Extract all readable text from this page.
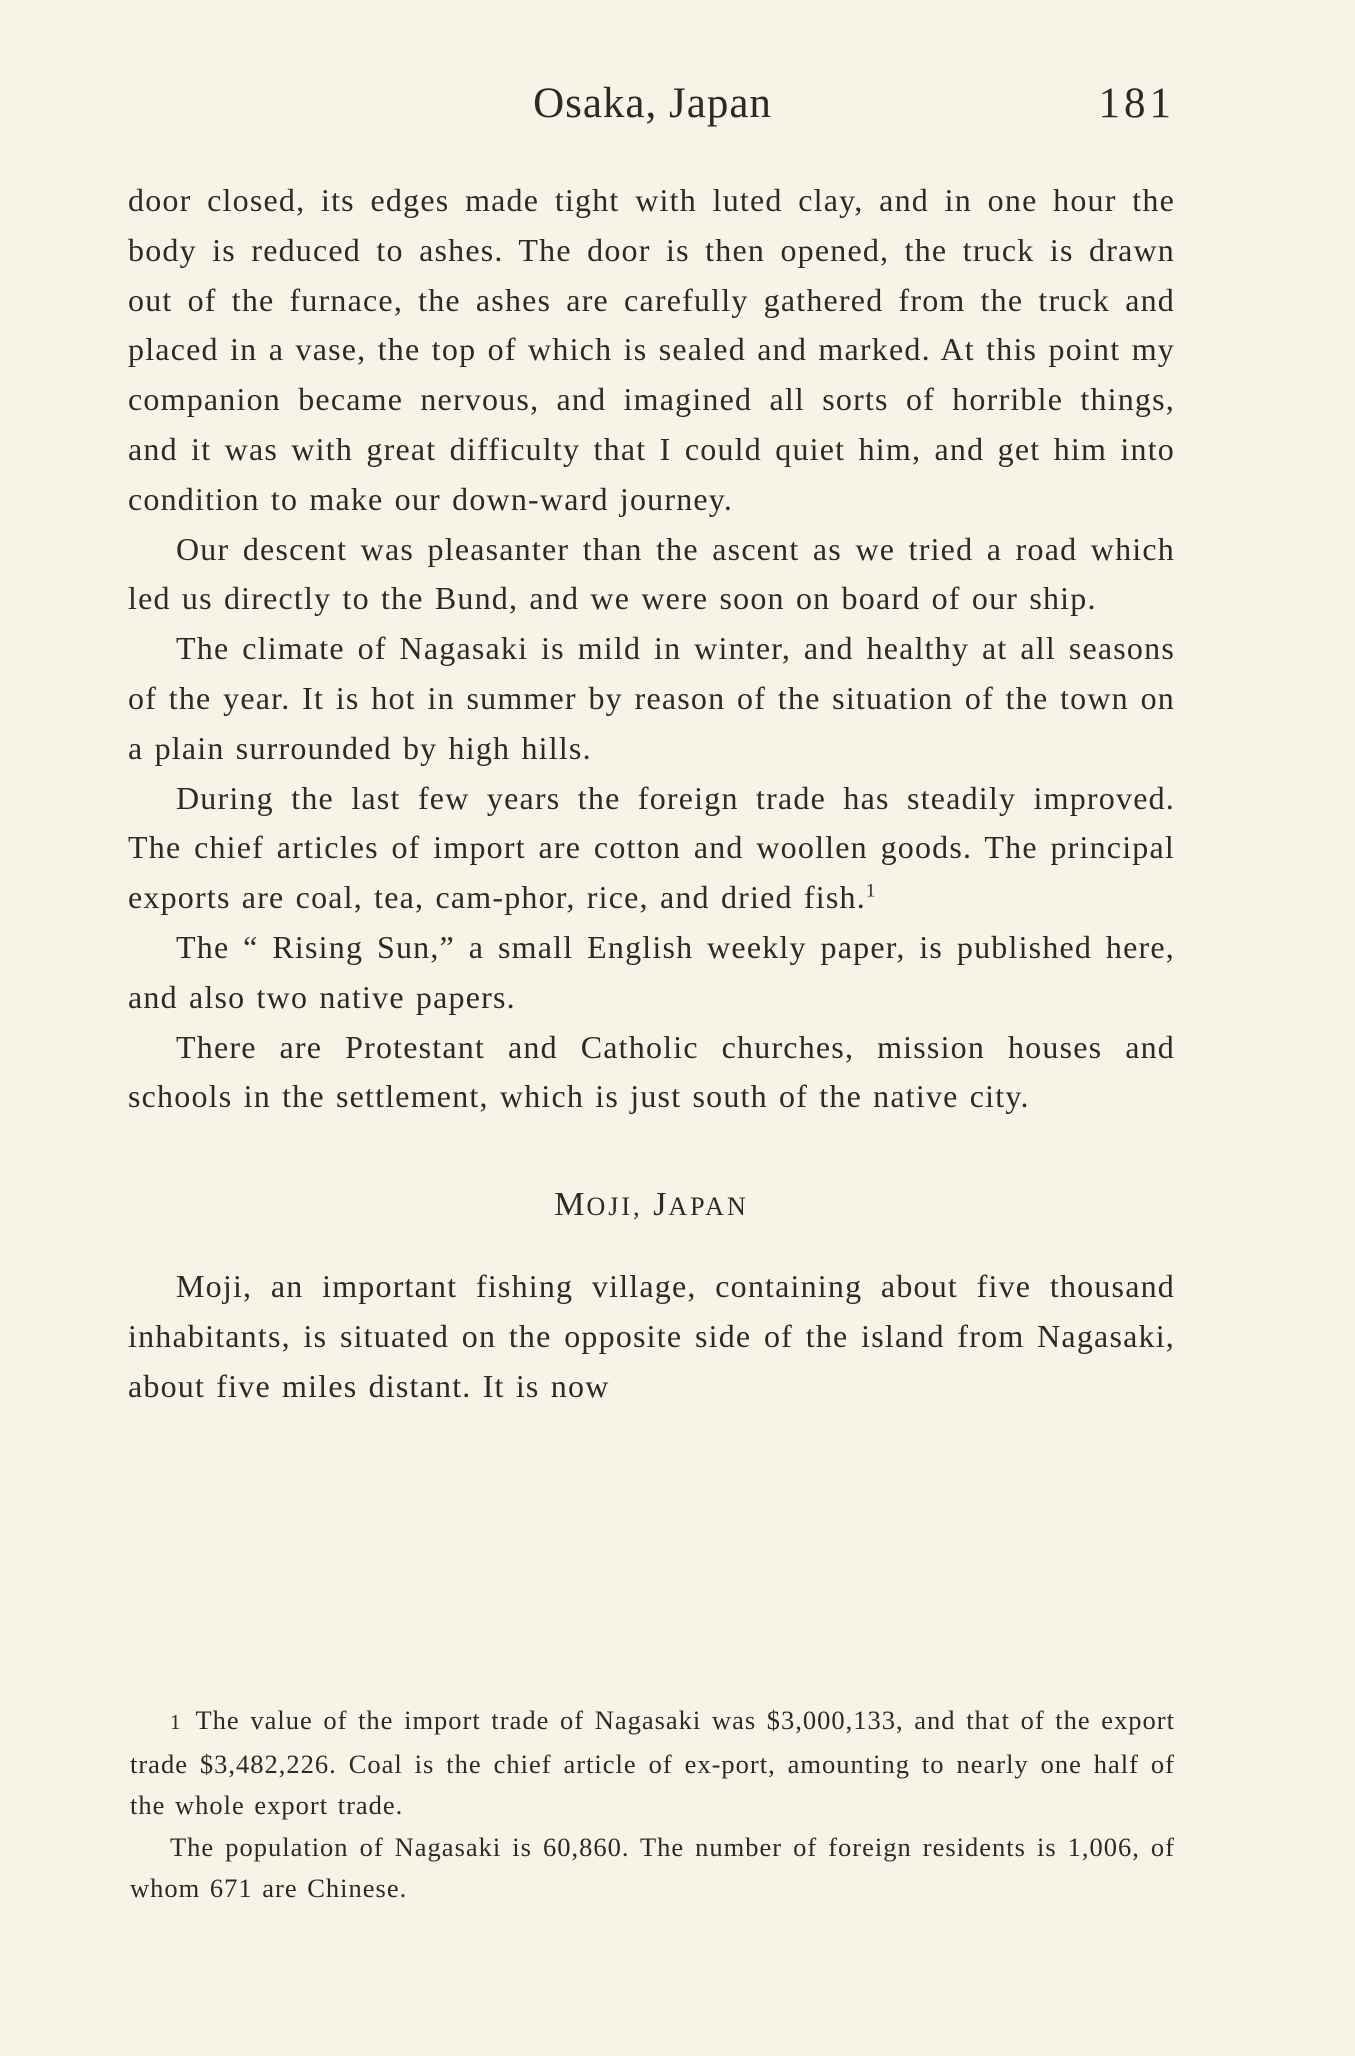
Osaka, Japan	181

door closed, its edges made tight with luted clay, and in one hour the body is reduced to ashes. The door is then opened, the truck is drawn out of the furnace, the ashes are carefully gathered from the truck and placed in a vase, the top of which is sealed and marked. At this point my companion became nervous, and imagined all sorts of horrible things, and it was with great difficulty that I could quiet him, and get him into condition to make our down-ward journey.

Our descent was pleasanter than the ascent as we tried a road which led us directly to the Bund, and we were soon on board of our ship.

The climate of Nagasaki is mild in winter, and healthy at all seasons of the year. It is hot in summer by reason of the situation of the town on a plain surrounded by high hills.

During the last few years the foreign trade has steadily improved. The chief articles of import are cotton and woollen goods. The principal exports are coal, tea, cam-phor, rice, and dried fish.$^1$

The “ Rising Sun,” a small English weekly paper, is published here, and also two native papers.

There are Protestant and Catholic churches, mission houses and schools in the settlement, which is just south of the native city.

MOJI, JAPAN

Moji, an important fishing village, containing about five thousand inhabitants, is situated on the opposite side of the island from Nagasaki, about five miles distant. It is now

1 The value of the import trade of Nagasaki was $3,000,133, and that of the export trade $3,482,226. Coal is the chief article of ex-port, amounting to nearly one half of the whole export trade.

The population of Nagasaki is 60,860. The number of foreign residents is 1,006, of whom 671 are Chinese.
